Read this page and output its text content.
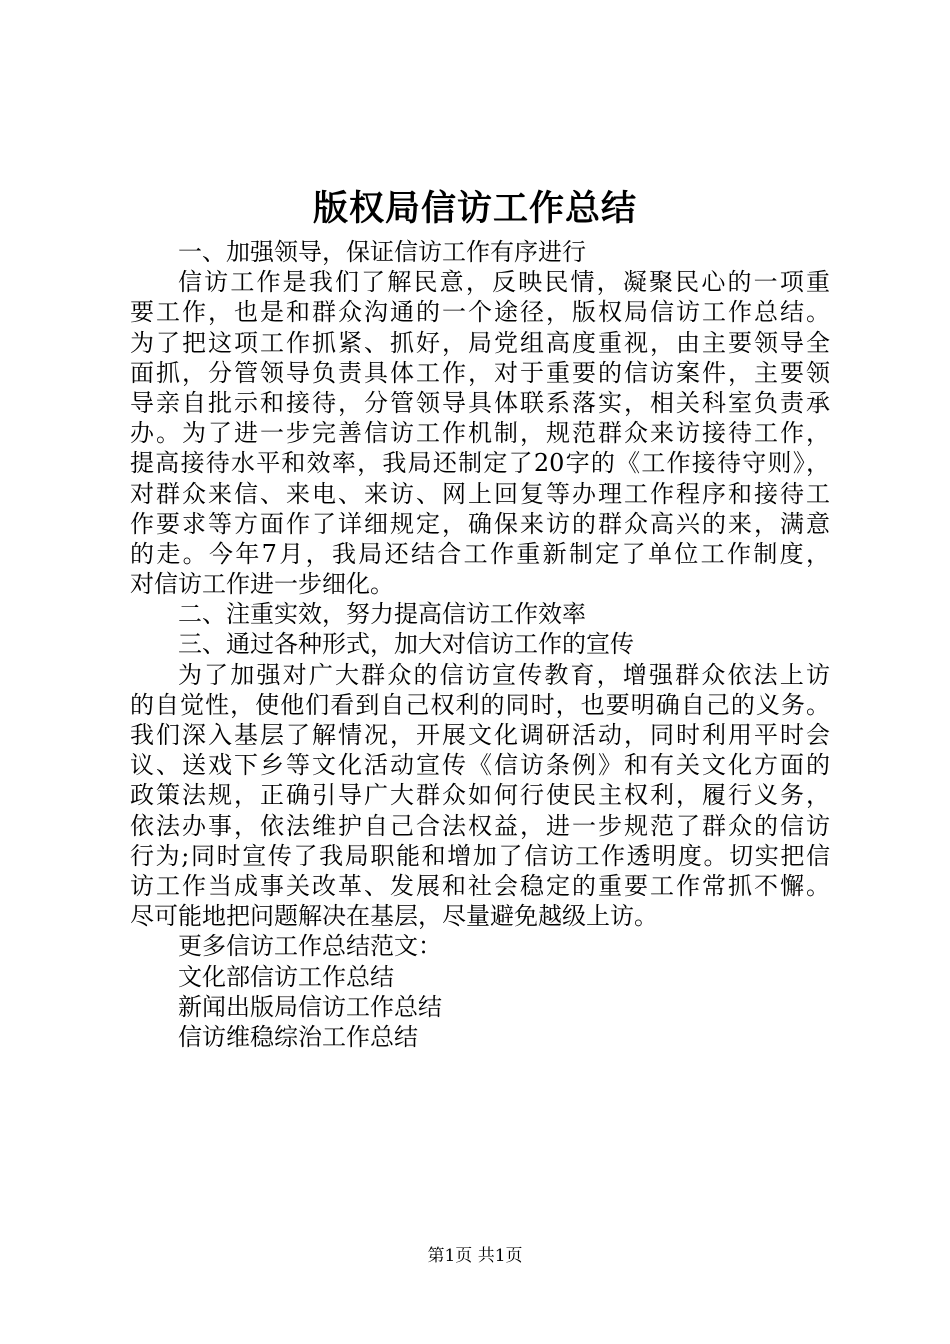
版权局信访工作总结
一、加强领导，保证信访工作有序进行
信访工作是我们了解民意，反映民情，凝聚民心的一项重
要工作，也是和群众沟通的一个途径，版权局信访工作总结。
为了把这项工作抓紧、抓好，局党组高度重视，由主要领导全
面抓，分管领导负责具体工作，对于重要的信访案件，主要领
导亲自批示和接待，分管领导具体联系落实，相关科室负责承
办。为了进一步完善信访工作机制，规范群众来访接待工作，
提高接待水平和效率，我局还制定了20字的《工作接待守则》，
对群众来信、来电、来访、网上回复等办理工作程序和接待工
作要求等方面作了详细规定，确保来访的群众高兴的来，满意
的走。今年7月，我局还结合工作重新制定了单位工作制度，
对信访工作进一步细化。
二、注重实效，努力提高信访工作效率
三、通过各种形式，加大对信访工作的宣传
为了加强对广大群众的信访宣传教育，增强群众依法上访
的自觉性，使他们看到自己权利的同时，也要明确自己的义务。
我们深入基层了解情况，开展文化调研活动，同时利用平时会
议、送戏下乡等文化活动宣传《信访条例》和有关文化方面的
政策法规，正确引导广大群众如何行使民主权利，履行义务，
依法办事，依法维护自己合法权益，进一步规范了群众的信访
行为;同时宣传了我局职能和增加了信访工作透明度。切实把信
访工作当成事关改革、发展和社会稳定的重要工作常抓不懈。
尽可能地把问题解决在基层，尽量避免越级上访。
更多信访工作总结范文：
文化部信访工作总结
新闻出版局信访工作总结
信访维稳综治工作总结
第1页 共1页
